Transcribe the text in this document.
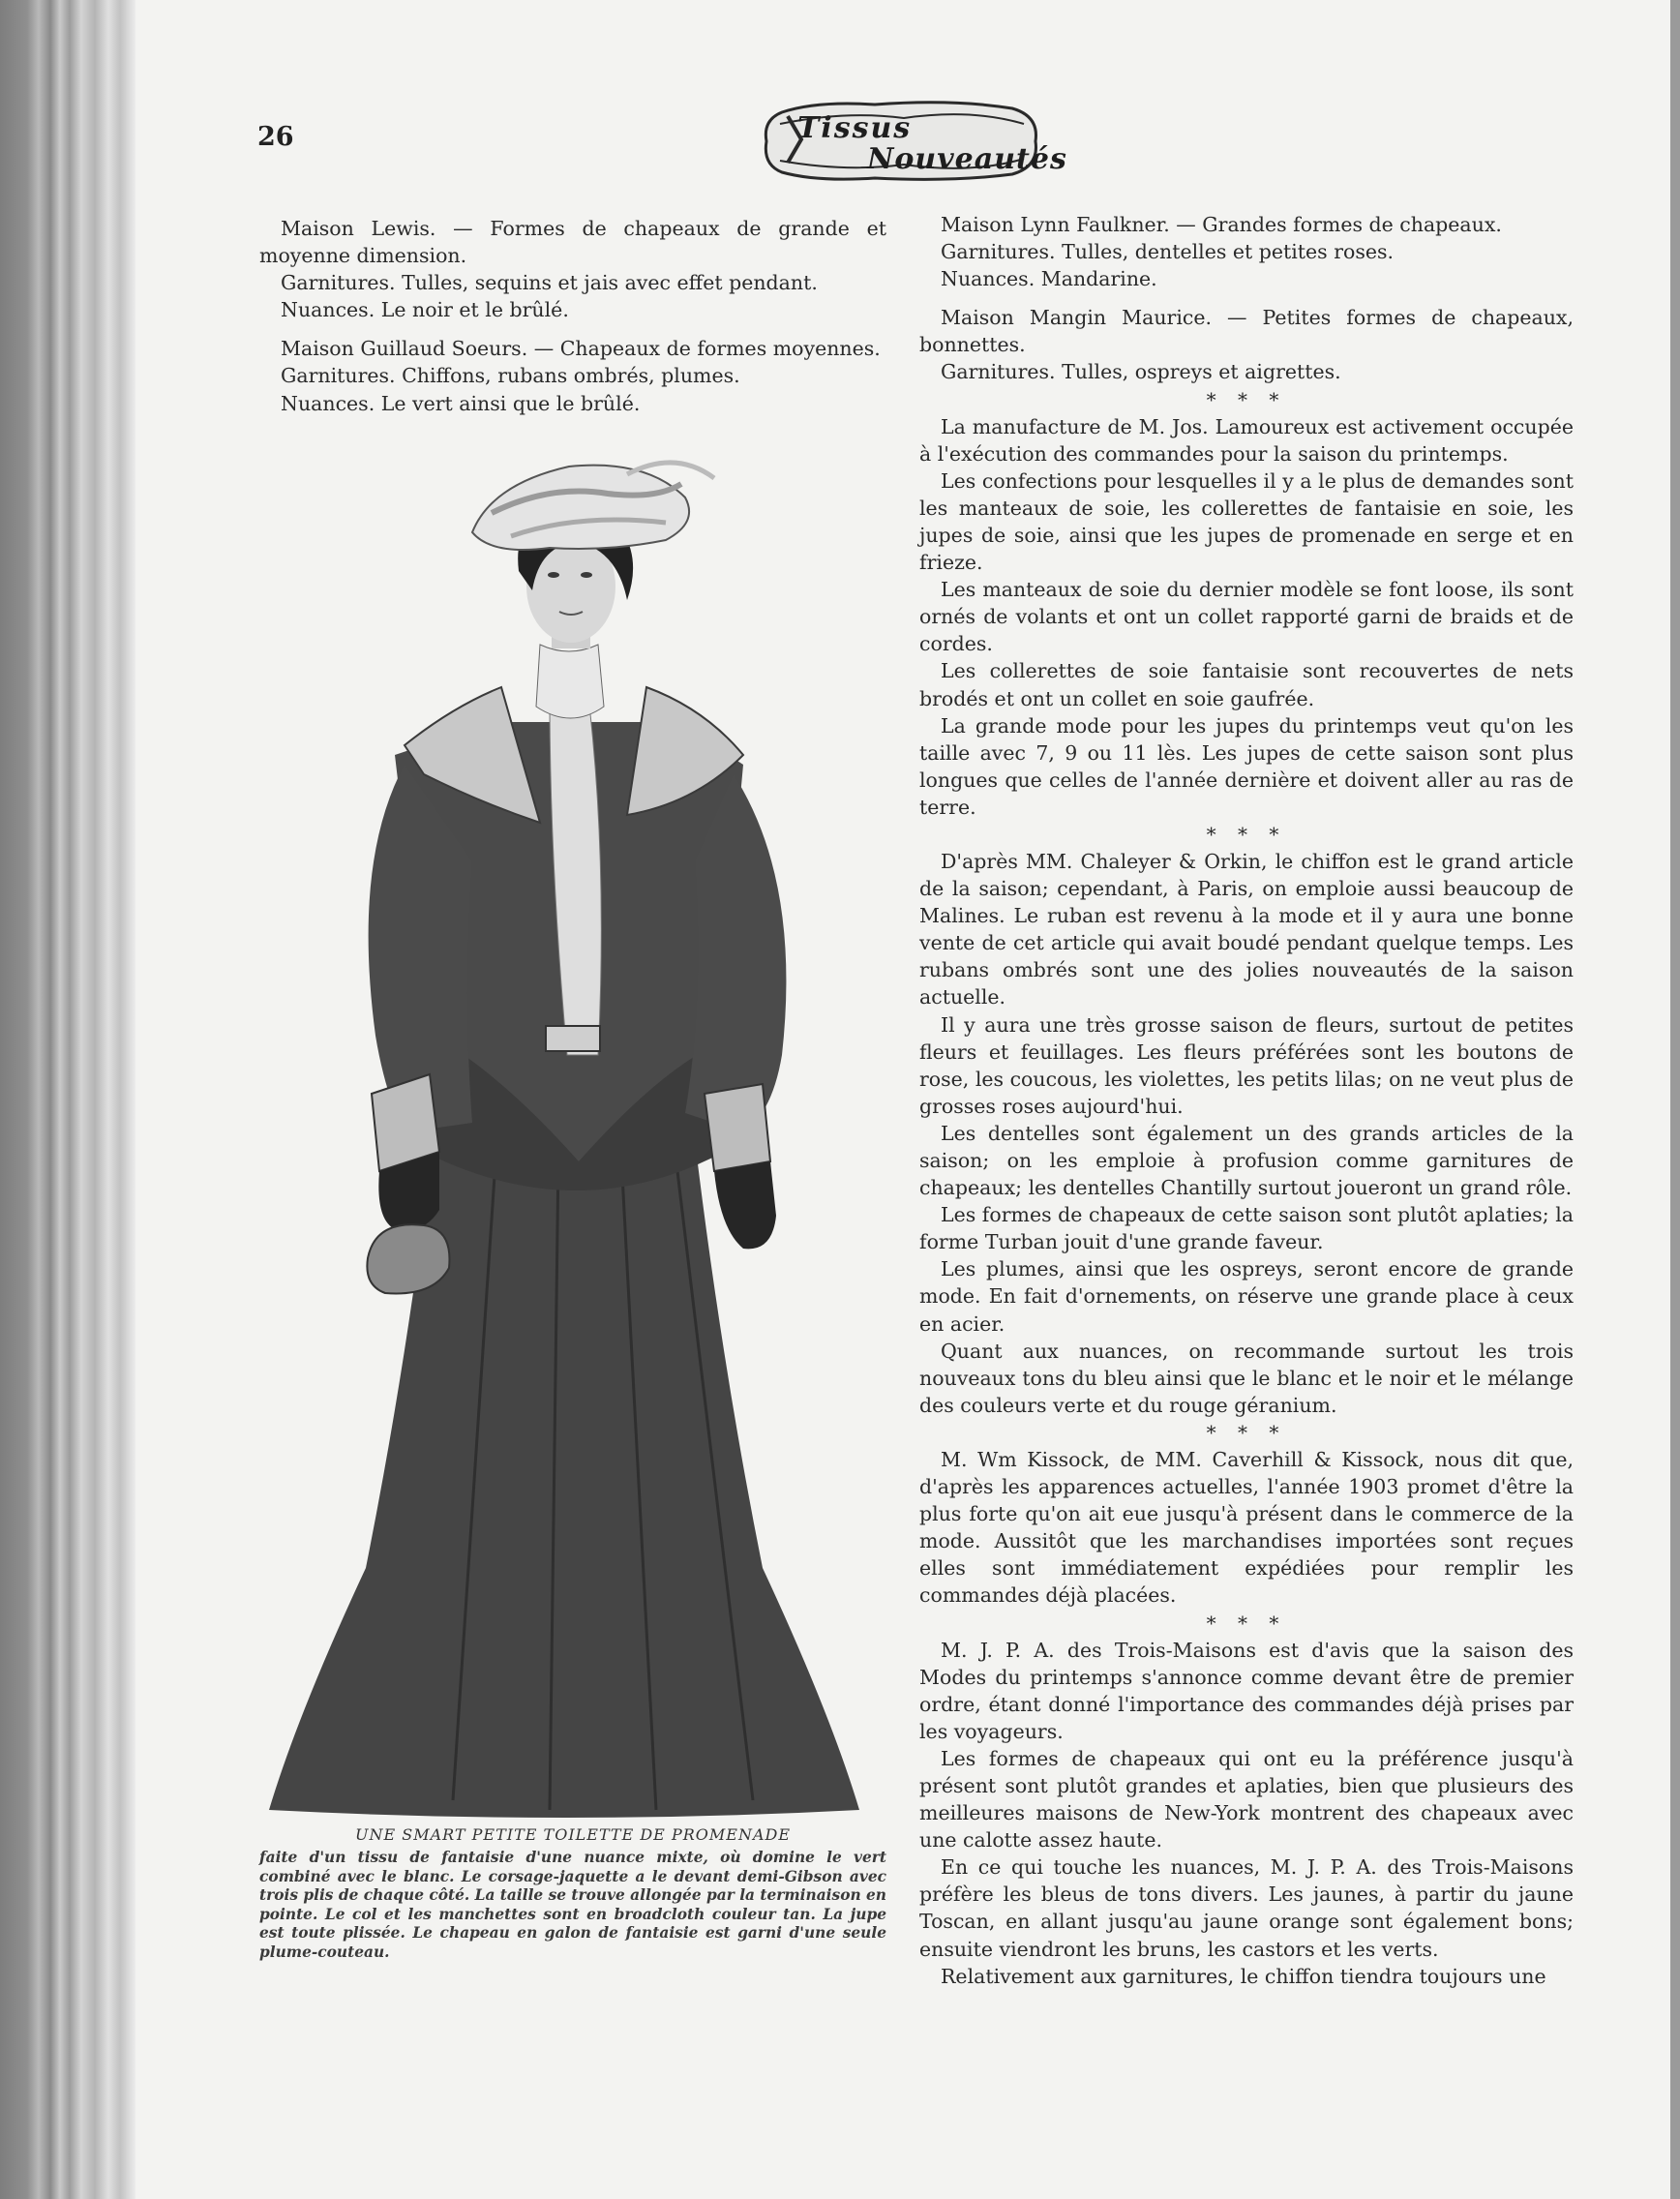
26	Tissus
Nouveautés

Maison Lewis. — Formes de chapeaux de grande et moyenne dimension.

Garnitures. Tulles, sequins et jais avec effet pendant.

Nuances. Le noir et le brûlé.

Maison Guillaud Soeurs. — Chapeaux de formes moyennes.

Garnitures. Chiffons, rubans ombrés, plumes.

Nuances. Le vert ainsi que le brûlé.

UNE SMART PETITE TOILETTE DE PROMENADE

faite d'un tissu de fantaisie d'une nuance mixte, où domine le vert combiné avec le blanc. Le corsage-jaquette a le devant demi-Gibson avec trois plis de chaque côté. La taille se trouve allongée par la terminaison en pointe. Le col et les manchettes sont en broadcloth couleur tan. La jupe est toute plissée. Le chapeau en galon de fantaisie est garni d'une seule plume-couteau.

Maison Lynn Faulkner. — Grandes formes de chapeaux.

Garnitures. Tulles, dentelles et petites roses.

Nuances. Mandarine.

Maison Mangin Maurice. — Petites formes de chapeaux, bonnettes.

Garnitures. Tulles, ospreys et aigrettes.

* * *

La manufacture de M. Jos. Lamoureux est activement occupée à l'exécution des commandes pour la saison du printemps.

Les confections pour lesquelles il y a le plus de demandes sont les manteaux de soie, les collerettes de fantaisie en soie, les jupes de soie, ainsi que les jupes de promenade en serge et en frieze.

Les manteaux de soie du dernier modèle se font loose, ils sont ornés de volants et ont un collet rapporté garni de braids et de cordes.

Les collerettes de soie fantaisie sont recouvertes de nets brodés et ont un collet en soie gaufrée.

La grande mode pour les jupes du printemps veut qu'on les taille avec 7, 9 ou 11 lès. Les jupes de cette saison sont plus longues que celles de l'année dernière et doivent aller au ras de terre.

* * *

D'après MM. Chaleyer & Orkin, le chiffon est le grand article de la saison; cependant, à Paris, on emploie aussi beaucoup de Malines. Le ruban est revenu à la mode et il y aura une bonne vente de cet article qui avait boudé pendant quelque temps. Les rubans ombrés sont une des jolies nouveautés de la saison actuelle.

Il y aura une très grosse saison de fleurs, surtout de petites fleurs et feuillages. Les fleurs préférées sont les boutons de rose, les coucous, les violettes, les petits lilas; on ne veut plus de grosses roses aujourd'hui.

Les dentelles sont également un des grands articles de la saison; on les emploie à profusion comme garnitures de chapeaux; les dentelles Chantilly surtout joueront un grand rôle.

Les formes de chapeaux de cette saison sont plutôt aplaties; la forme Turban jouit d'une grande faveur.

Les plumes, ainsi que les ospreys, seront encore de grande mode. En fait d'ornements, on réserve une grande place à ceux en acier.

Quant aux nuances, on recommande surtout les trois nouveaux tons du bleu ainsi que le blanc et le noir et le mélange des couleurs verte et du rouge géranium.

* * *

M. Wm Kissock, de MM. Caverhill & Kissock, nous dit que, d'après les apparences actuelles, l'année 1903 promet d'être la plus forte qu'on ait eue jusqu'à présent dans le commerce de la mode. Aussitôt que les marchandises importées sont reçues elles sont immédiatement expédiées pour remplir les commandes déjà placées.

* * *

M. J. P. A. des Trois-Maisons est d'avis que la saison des Modes du printemps s'annonce comme devant être de premier ordre, étant donné l'importance des commandes déjà prises par les voyageurs.

Les formes de chapeaux qui ont eu la préférence jusqu'à présent sont plutôt grandes et aplaties, bien que plusieurs des meilleures maisons de New-York montrent des chapeaux avec une calotte assez haute.

En ce qui touche les nuances, M. J. P. A. des Trois-Maisons préfère les bleus de tons divers. Les jaunes, à partir du jaune Toscan, en allant jusqu'au jaune orange sont également bons; ensuite viendront les bruns, les castors et les verts.

Relativement aux garnitures, le chiffon tiendra toujours une
